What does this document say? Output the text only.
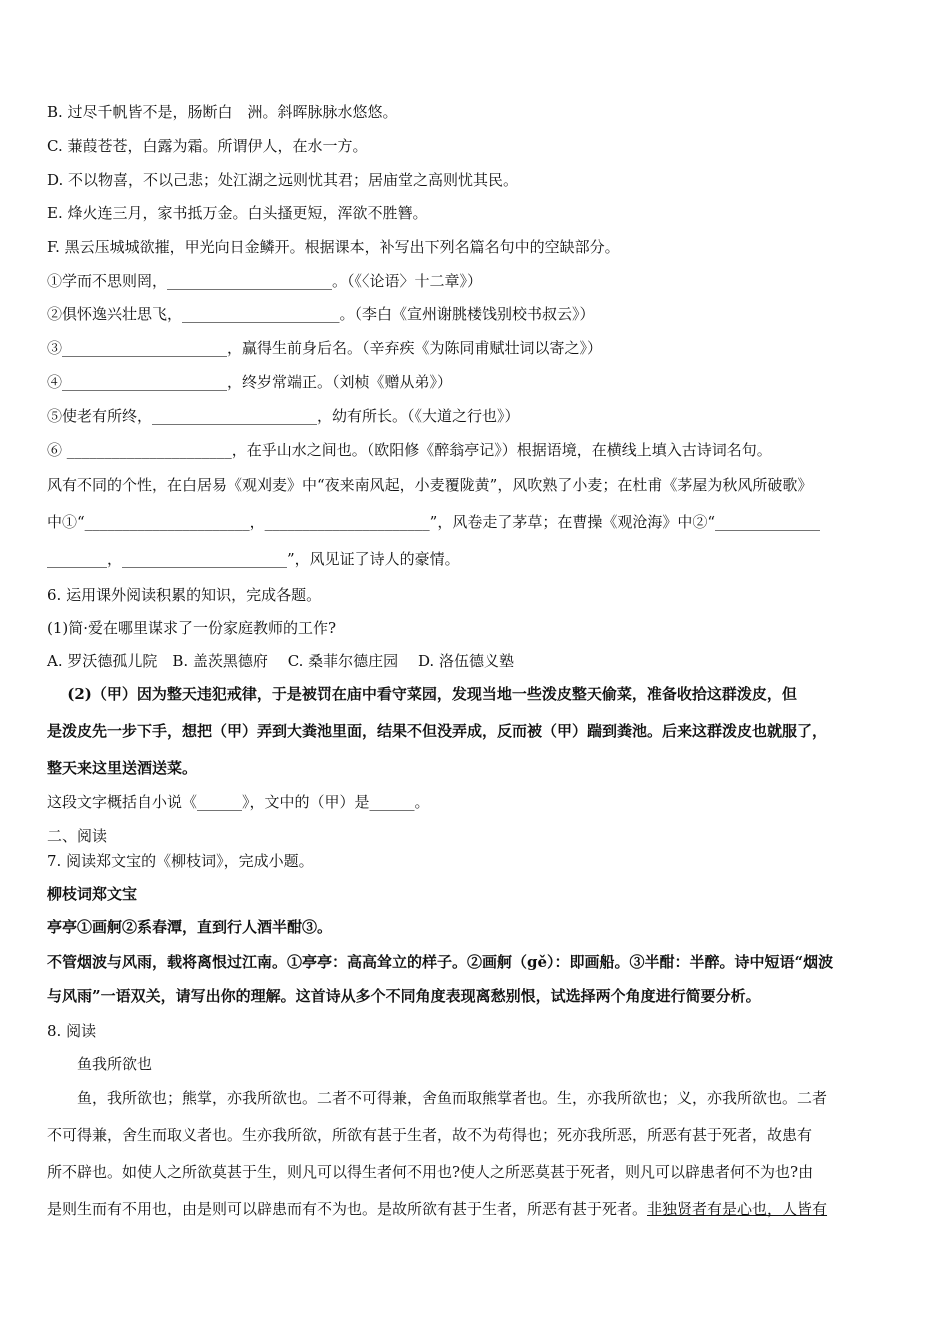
B. 过尽千帆皆不是，肠断白　洲。斜晖脉脉水悠悠。
C. 蒹葭苍苍，白露为霜。所谓伊人，在水一方。
D. 不以物喜，不以己悲；处江湖之远则忧其君；居庙堂之高则忧其民。
E. 烽火连三月，家书抵万金。白头搔更短，浑欲不胜簪。
F. 黑云压城城欲摧，甲光向日金鳞开。根据课本，补写出下列名篇名句中的空缺部分。
①学而不思则罔，______________________。（《〈论语〉十二章》）
②俱怀逸兴壮思飞，_____________________。（李白《宣州谢朓楼饯别校书叔云》）
③______________________，赢得生前身后名。（辛弃疾《为陈同甫赋壮词以寄之》）
④______________________，终岁常端正。（刘桢《赠从弟》）
⑤使老有所终，______________________，幼有所长。（《大道之行也》）
⑥ ______________________，在乎山水之间也。（欧阳修《醉翁亭记》）根据语境，在横线上填入古诗词名句。
风有不同的个性，在白居易《观刈麦》中“夜来南风起，小麦覆陇黄”，风吹熟了小麦；在杜甫《茅屋为秋风所破歌》
中①“______________________，______________________”，风卷走了茅草；在曹操《观沧海》中②“______________
________，______________________”，风见证了诗人的豪情。
6. 运用课外阅读积累的知识，完成各题。
(1)简·爱在哪里谋求了一份家庭教师的工作?
A. 罗沃德孤儿院　B. 盖茨黑德府　 C. 桑菲尔德庄园　 D. 洛伍德义塾
　 (2)（甲）因为整天违犯戒律，于是被罚在庙中看守菜园，发现当地一些泼皮整天偷菜，准备收拾这群泼皮，但
是泼皮先一步下手，想把（甲）弄到大粪池里面，结果不但没弄成，反而被（甲）踹到粪池。后来这群泼皮也就服了，
整天来这里送酒送菜。
这段文字概括自小说《______》，文中的（甲）是______。
二、阅读
7. 阅读郑文宝的《柳枝词》，完成小题。
柳枝词郑文宝
亭亭①画舸②系春潭，直到行人酒半酣③。
不管烟波与风雨，载将离恨过江南。①亭亭：高高耸立的样子。②画舸（gě）：即画船。③半酣：半醉。诗中短语“烟波
与风雨”一语双关，请写出你的理解。这首诗从多个不同角度表现离愁别恨，试选择两个角度进行简要分析。
8. 阅读
　　鱼我所欲也
　　鱼，我所欲也；熊掌，亦我所欲也。二者不可得兼，舍鱼而取熊掌者也。生，亦我所欲也；义，亦我所欲也。二者
不可得兼，舍生而取义者也。生亦我所欲，所欲有甚于生者，故不为苟得也；死亦我所恶，所恶有甚于死者，故患有
所不辟也。如使人之所欲莫甚于生，则凡可以得生者何不用也?使人之所恶莫甚于死者，则凡可以辟患者何不为也?由
是则生而有不用也，由是则可以辟患而有不为也。是故所欲有甚于生者，所恶有甚于死者。非独贤者有是心也，人皆有
